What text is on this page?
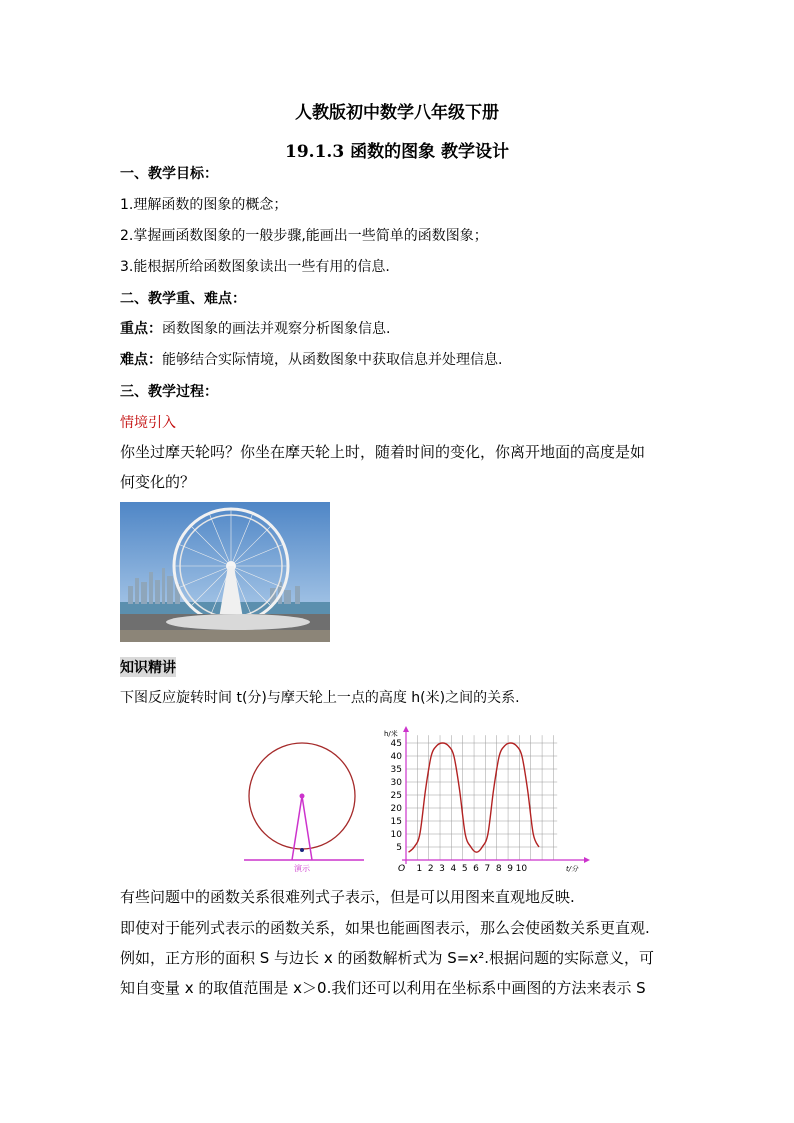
人教版初中数学八年级下册
19.1.3 函数的图象 教学设计
一、教学目标：
1.理解函数的图象的概念；
2.掌握画函数图象的一般步骤,能画出一些简单的函数图象；
3.能根据所给函数图象读出一些有用的信息.
二、教学重、难点：
重点：函数图象的画法并观察分析图象信息.
难点：能够结合实际情境，从函数图象中获取信息并处理信息.
三、教学过程：
情境引入
你坐过摩天轮吗？你坐在摩天轮上时，随着时间的变化，你离开地面的高度是如
何变化的？
知识精讲
下图反应旋转时间 t(分)与摩天轮上一点的高度 h(米)之间的关系.
演示
5
10
15
20
25
30
35
40
45
1 2 3 4 5 6 7 8 9 10
h/米
t/分
O
有些问题中的函数关系很难列式子表示，但是可以用图来直观地反映.
即使对于能列式表示的函数关系，如果也能画图表示，那么会使函数关系更直观.
例如，正方形的面积 S 与边长 x 的函数解析式为 S=x².根据问题的实际意义，可
知自变量 x 的取值范围是 x＞0.我们还可以利用在坐标系中画图的方法来表示 S
